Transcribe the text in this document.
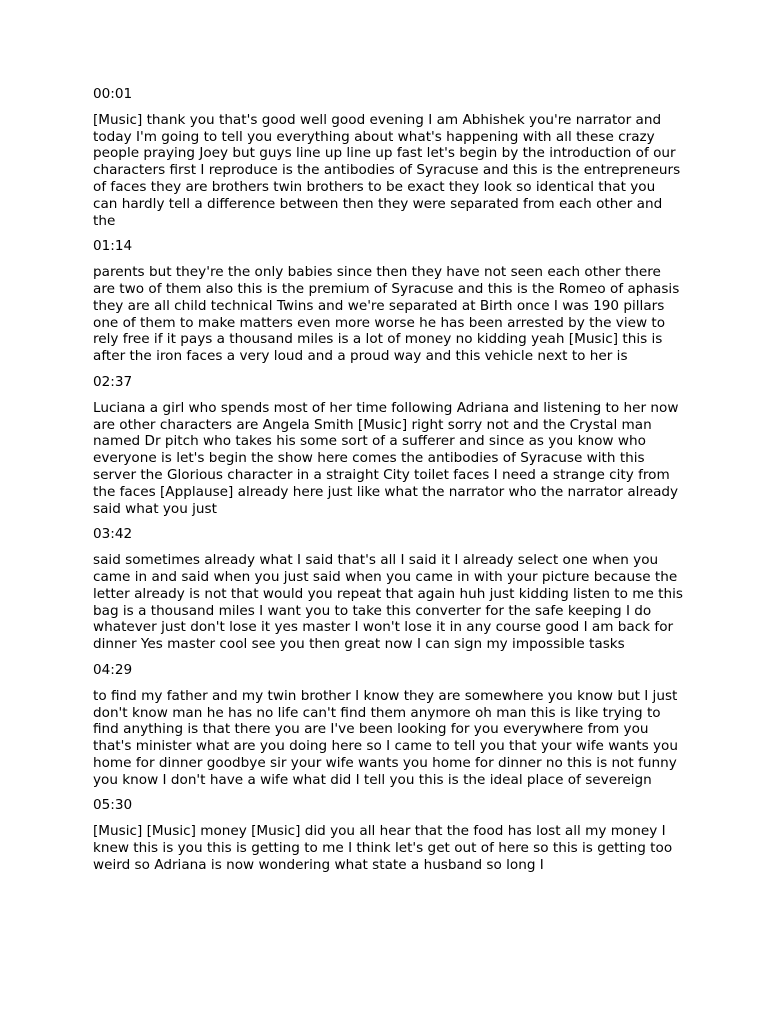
00:01
[Music] thank you that's good well good evening I am Abhishek you're narrator and today I'm going to tell you everything about what's happening with all these crazy people praying Joey but guys line up line up fast let's begin by the introduction of our characters first I reproduce is the antibodies of Syracuse and this is the entrepreneurs of faces they are brothers twin brothers to be exact they look so identical that you can hardly tell a difference between then they were separated from each other and the
01:14
parents but they're the only babies since then they have not seen each other there are two of them also this is the premium of Syracuse and this is the Romeo of aphasis they are all child technical Twins and we're separated at Birth once I was 190 pillars one of them to make matters even more worse he has been arrested by the view to rely free if it pays a thousand miles is a lot of money no kidding yeah [Music] this is after the iron faces a very loud and a proud way and this vehicle next to her is
02:37
Luciana a girl who spends most of her time following Adriana and listening to her now are other characters are Angela Smith [Music] right sorry not and the Crystal man named Dr pitch who takes his some sort of a sufferer and since as you know who everyone is let's begin the show here comes the antibodies of Syracuse with this server the Glorious character in a straight City toilet faces I need a strange city from the faces [Applause] already here just like what the narrator who the narrator already said what you just
03:42
said sometimes already what I said that's all I said it I already select one when you came in and said when you just said when you came in with your picture because the letter already is not that would you repeat that again huh just kidding listen to me this bag is a thousand miles I want you to take this converter for the safe keeping I do whatever just don't lose it yes master I won't lose it in any course good I am back for dinner Yes master cool see you then great now I can sign my impossible tasks
04:29
to find my father and my twin brother I know they are somewhere you know but I just don't know man he has no life can't find them anymore oh man this is like trying to find anything is that there you are I've been looking for you everywhere from you that's minister what are you doing here so I came to tell you that your wife wants you home for dinner goodbye sir your wife wants you home for dinner no this is not funny you know I don't have a wife what did I tell you this is the ideal place of severeign
05:30
[Music] [Music] money [Music] did you all hear that the food has lost all my money I knew this is you this is getting to me I think let's get out of here so this is getting too weird so Adriana is now wondering what state a husband so long I
